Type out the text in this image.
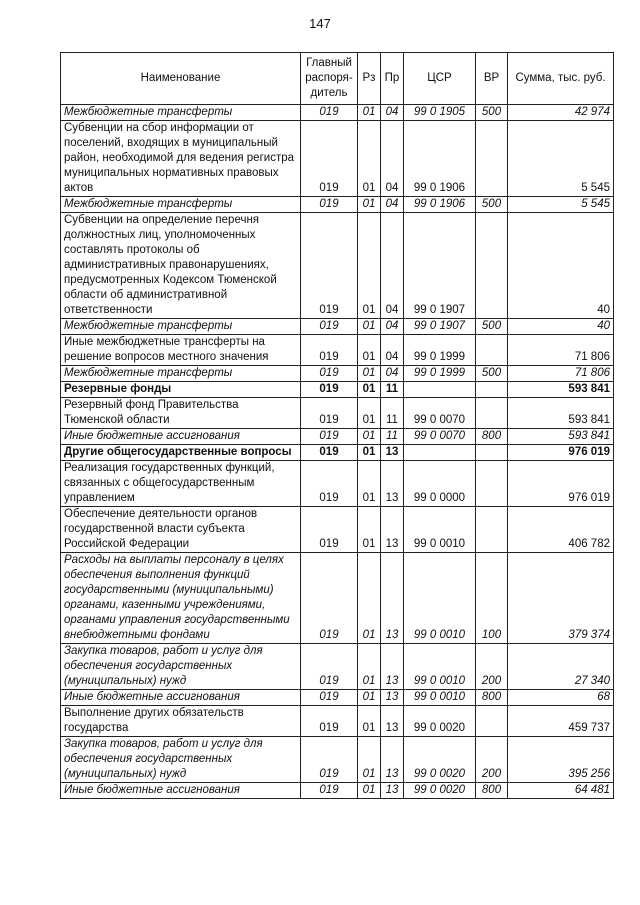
147
Наименование	Главный распоря-дитель	Рз	Пр	ЦСР	ВР	Сумма, тыс. руб.
Межбюджетные трансферты	019	01	04	99 0 1905	500	42 974
Субвенции на сбор информации от поселений, входящих в муниципальный район, необходимой для ведения регистра муниципальных нормативных правовых актов	019	01	04	99 0 1906		5 545
Межбюджетные трансферты	019	01	04	99 0 1906	500	5 545
Субвенции на определение перечня должностных лиц, уполномоченных составлять протоколы об административных правонарушениях, предусмотренных Кодексом Тюменской области об административной ответственности	019	01	04	99 0 1907		40
Межбюджетные трансферты	019	01	04	99 0 1907	500	40
Иные межбюджетные трансферты на решение вопросов местного значения	019	01	04	99 0 1999		71 806
Межбюджетные трансферты	019	01	04	99 0 1999	500	71 806
Резервные фонды	019	01	11			593 841
Резервный фонд Правительства Тюменской области	019	01	11	99 0 0070		593 841
Иные бюджетные ассигнования	019	01	11	99 0 0070	800	593 841
Другие общегосударственные вопросы	019	01	13			976 019
Реализация государственных функций, связанных с общегосударственным управлением	019	01	13	99 0 0000		976 019
Обеспечение деятельности органов государственной власти субъекта Российской Федерации	019	01	13	99 0 0010		406 782
Расходы на выплаты персоналу в целях обеспечения выполнения функций государственными (муниципальными) органами, казенными учреждениями, органами управления государственными внебюджетными фондами	019	01	13	99 0 0010	100	379 374
Закупка товаров, работ и услуг для обеспечения государственных (муниципальных) нужд	019	01	13	99 0 0010	200	27 340
Иные бюджетные ассигнования	019	01	13	99 0 0010	800	68
Выполнение других обязательств государства	019	01	13	99 0 0020		459 737
Закупка товаров, работ и услуг для обеспечения государственных (муниципальных) нужд	019	01	13	99 0 0020	200	395 256
Иные бюджетные ассигнования	019	01	13	99 0 0020	800	64 481
